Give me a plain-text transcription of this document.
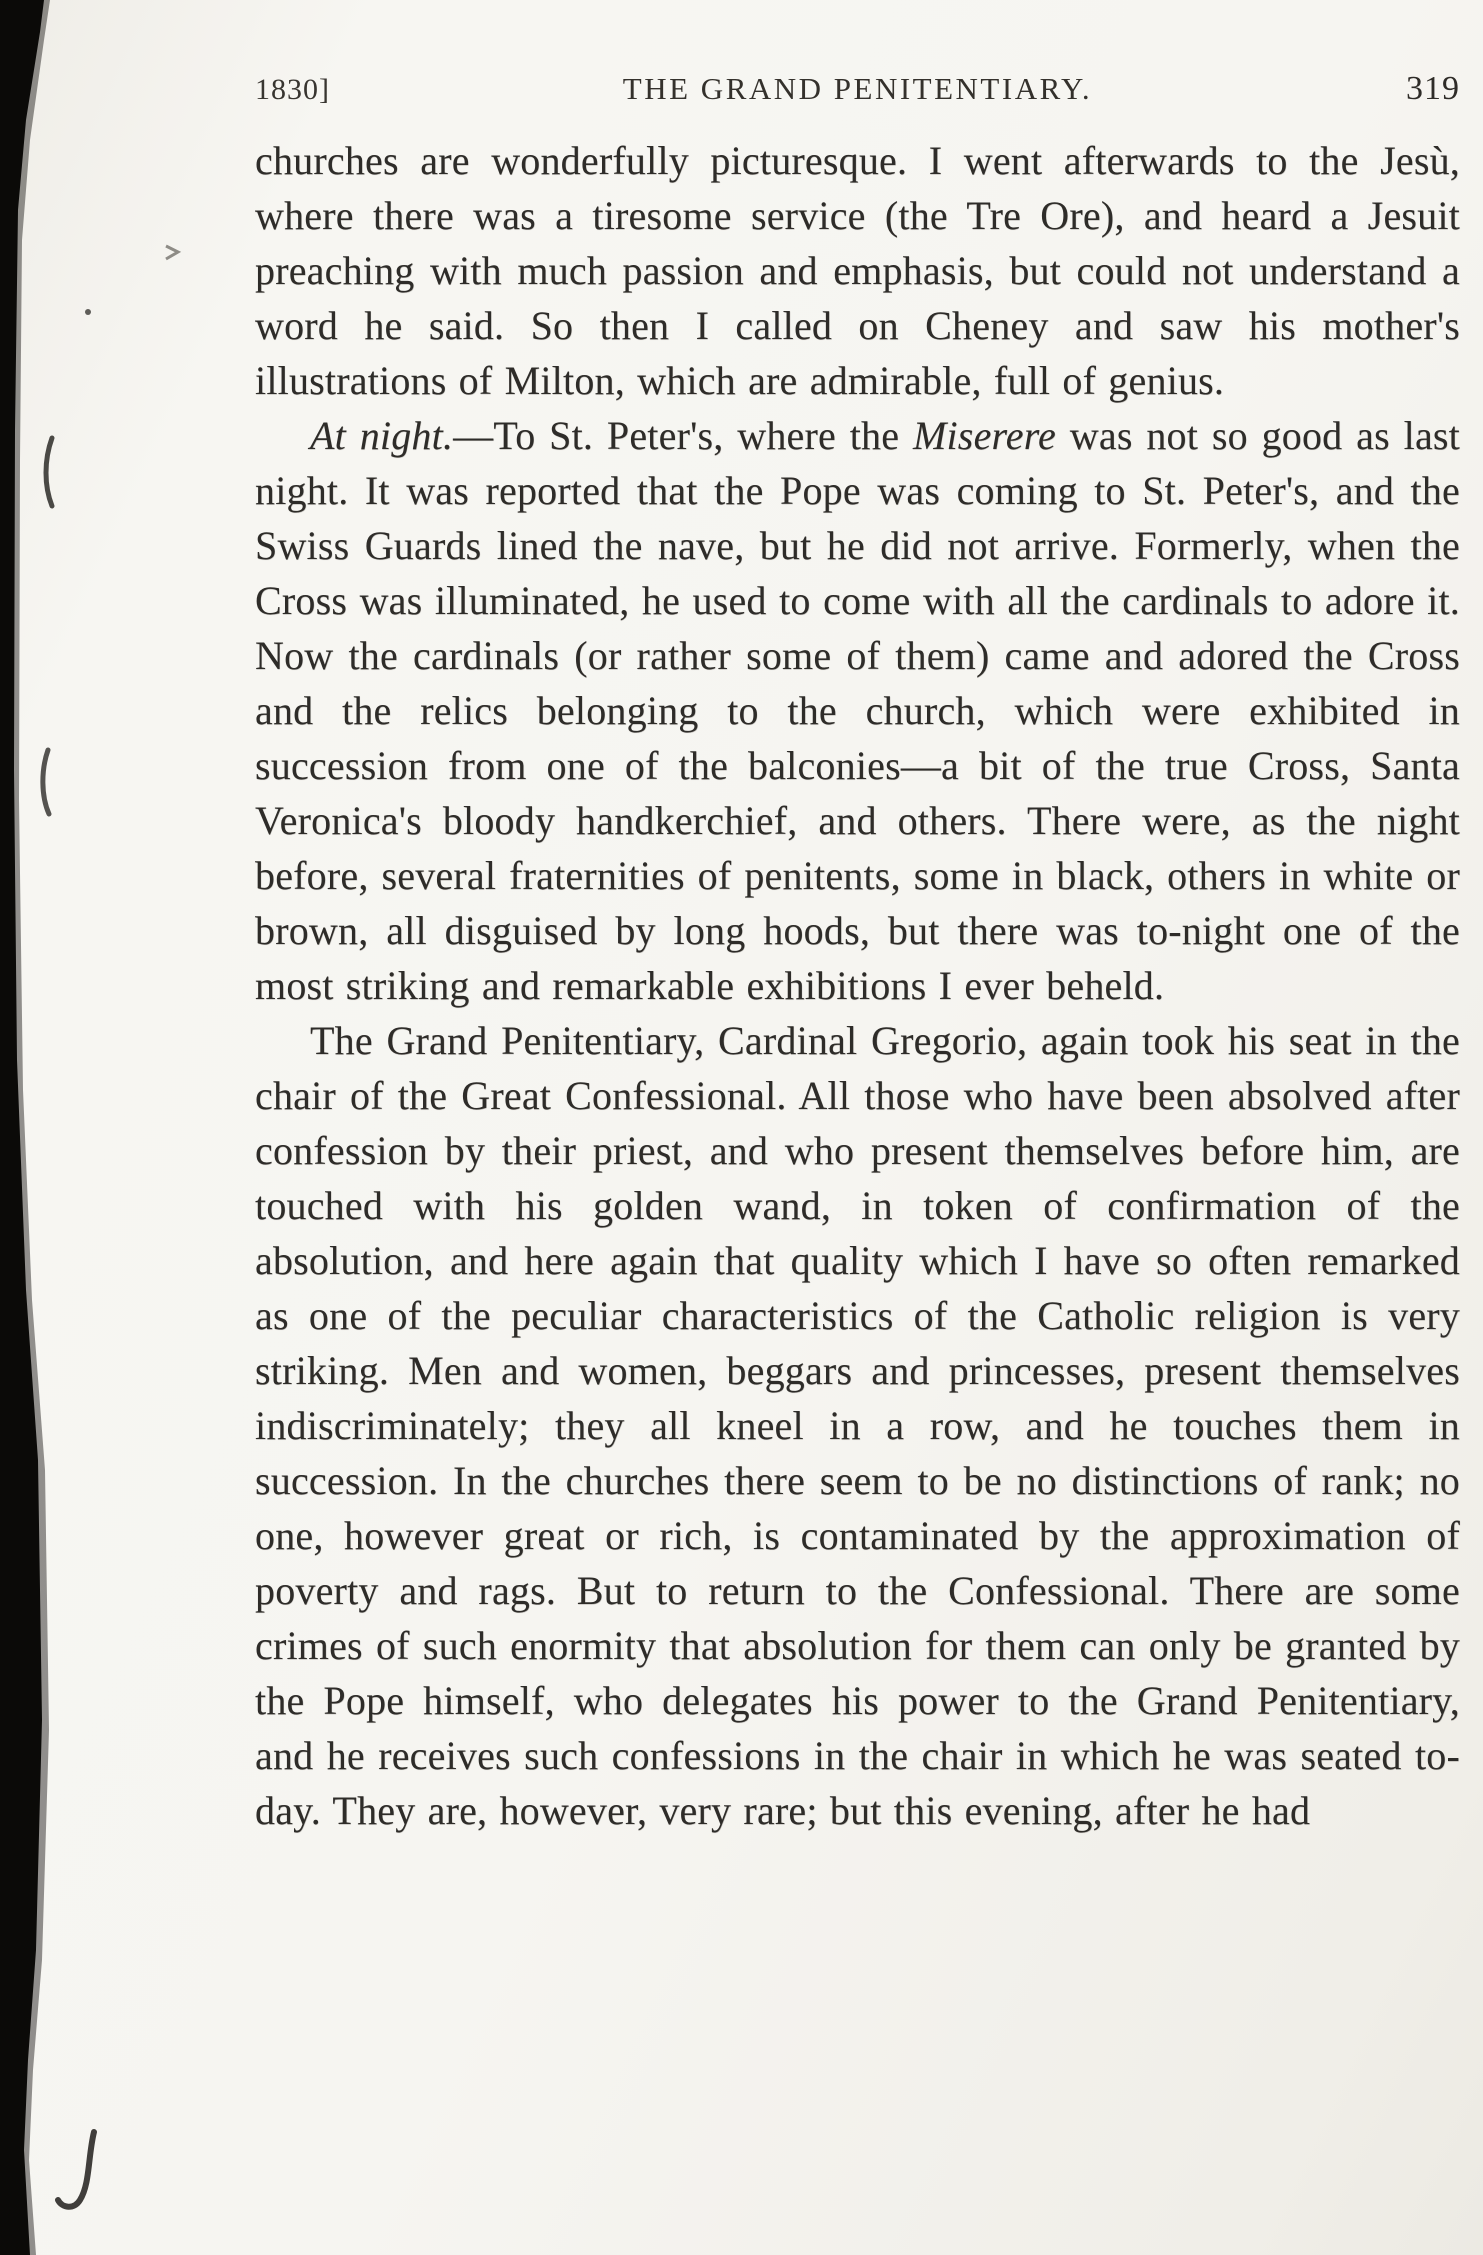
1830]	THE GRAND PENITENTIARY.	319

churches are wonderfully picturesque. I went afterwards to the Jesù, where there was a tiresome service (the Tre Ore), and heard a Jesuit preaching with much passion and emphasis, but could not understand a word he said. So then I called on Cheney and saw his mother's illustrations of Milton, which are admirable, full of genius.

At night.—To St. Peter's, where the Miserere was not so good as last night. It was reported that the Pope was coming to St. Peter's, and the Swiss Guards lined the nave, but he did not arrive. Formerly, when the Cross was illuminated, he used to come with all the cardinals to adore it. Now the cardinals (or rather some of them) came and adored the Cross and the relics belonging to the church, which were exhibited in succession from one of the balconies—a bit of the true Cross, Santa Veronica's bloody handkerchief, and others. There were, as the night before, several fraternities of penitents, some in black, others in white or brown, all disguised by long hoods, but there was to-night one of the most striking and remarkable exhibitions I ever beheld.

The Grand Penitentiary, Cardinal Gregorio, again took his seat in the chair of the Great Confessional. All those who have been absolved after confession by their priest, and who present themselves before him, are touched with his golden wand, in token of confirmation of the absolution, and here again that quality which I have so often remarked as one of the peculiar characteristics of the Catholic religion is very striking. Men and women, beggars and princesses, present themselves indiscriminately; they all kneel in a row, and he touches them in succession. In the churches there seem to be no distinctions of rank; no one, however great or rich, is contaminated by the approximation of poverty and rags. But to return to the Confessional. There are some crimes of such enormity that absolution for them can only be granted by the Pope himself, who delegates his power to the Grand Penitentiary, and he receives such confessions in the chair in which he was seated to-day. They are, however, very rare; but this evening, after he had
